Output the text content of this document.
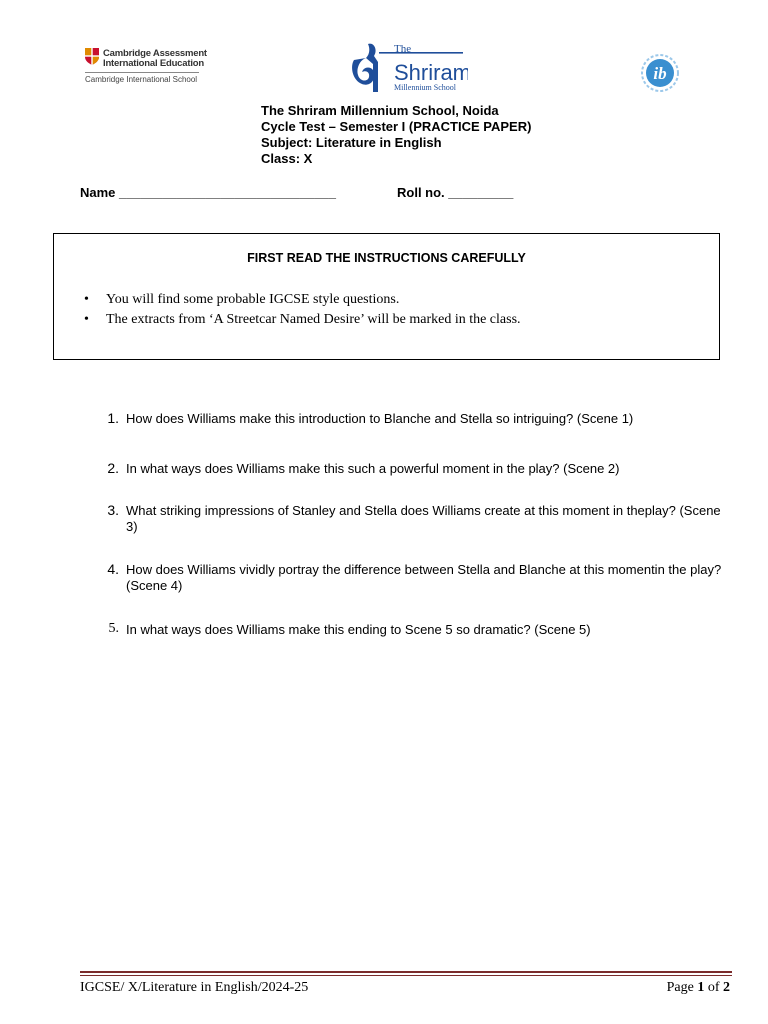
Cambridge Assessment
International Education
Cambridge International School
The
Shriram
Millennium School
ib
The Shriram Millennium School, Noida
Cycle Test – Semester I (PRACTICE PAPER)
Subject: Literature in English
Class: X
Name ______________________________	Roll no. _________
FIRST READ THE INSTRUCTIONS CAREFULLY
• You will find some probable IGCSE style questions.
• The extracts from ‘A Streetcar Named Desire’ will be marked in the class.
1. How does Williams make this introduction to Blanche and Stella so intriguing? (Scene 1)
2. In what ways does Williams make this such a powerful moment in the play? (Scene 2)
3. What striking impressions of Stanley and Stella does Williams create at this moment in theplay? (Scene 3)
4. How does Williams vividly portray the difference between Stella and Blanche at this momentin the play? (Scene 4)
5. In what ways does Williams make this ending to Scene 5 so dramatic? (Scene 5)
IGCSE/ X/Literature in English/2024-25	Page 1 of 2
